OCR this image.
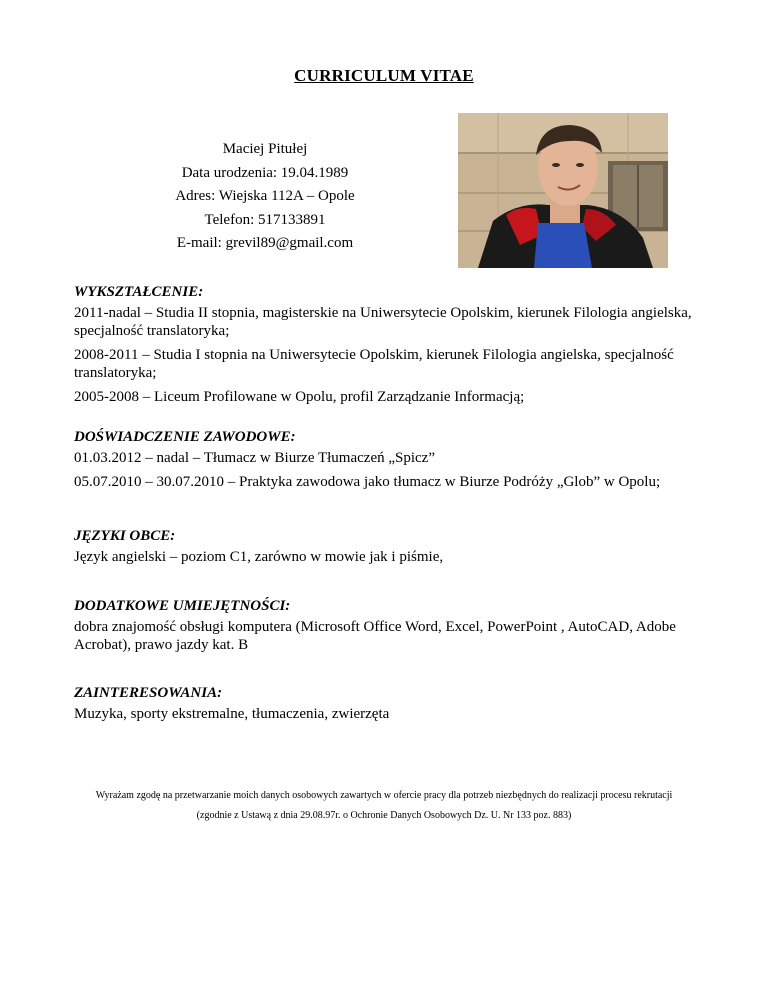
CURRICULUM VITAE
Maciej Pitułej
Data urodzenia: 19.04.1989
Adres: Wiejska 112A – Opole
Telefon: 517133891
E-mail: grevil89@gmail.com
WYKSZTAŁCENIE:
2011-nadal – Studia II stopnia, magisterskie na Uniwersytecie Opolskim, kierunek Filologia angielska, specjalność translatoryka;
2008-2011 – Studia I stopnia na Uniwersytecie Opolskim, kierunek Filologia angielska, specjalność translatoryka;
2005-2008 – Liceum Profilowane w Opolu, profil Zarządzanie Informacją;
DOŚWIADCZENIE ZAWODOWE:
01.03.2012 – nadal – Tłumacz w Biurze Tłumaczeń „Spicz”
05.07.2010 – 30.07.2010 – Praktyka zawodowa jako tłumacz w Biurze Podróży „Glob” w Opolu;
JĘZYKI OBCE:
Język angielski – poziom C1, zarówno w mowie jak i piśmie,
DODATKOWE UMIEJĘTNOŚCI:
dobra znajomość obsługi komputera (Microsoft Office Word, Excel, PowerPoint , AutoCAD, Adobe Acrobat), prawo jazdy kat. B
ZAINTERESOWANIA:
Muzyka, sporty ekstremalne, tłumaczenia, zwierzęta
Wyrażam zgodę na przetwarzanie moich danych osobowych zawartych w ofercie pracy dla potrzeb niezbędnych do realizacji procesu rekrutacji
(zgodnie z Ustawą z dnia 29.08.97r. o Ochronie Danych Osobowych Dz. U. Nr 133 poz. 883)
